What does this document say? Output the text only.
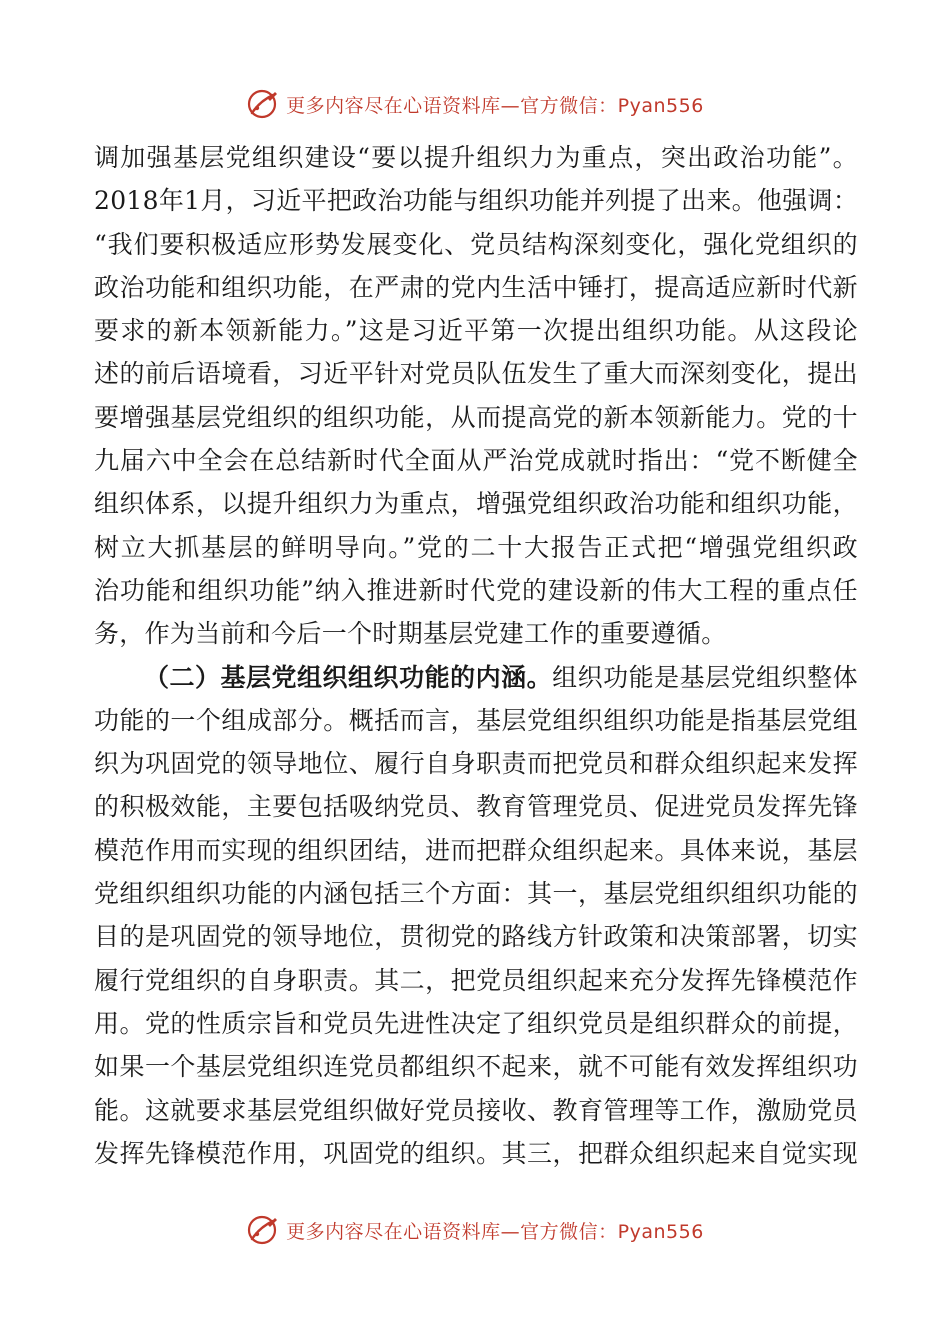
更多内容尽在心语资料库—官方微信：Pyan556
调加强基层党组织建设“要以提升组织力为重点，突出政治功能”。
2018年1月，习近平把政治功能与组织功能并列提了出来。他强调：
“我们要积极适应形势发展变化、党员结构深刻变化，强化党组织的
政治功能和组织功能，在严肃的党内生活中锤打，提高适应新时代新
要求的新本领新能力。”这是习近平第一次提出组织功能。从这段论
述的前后语境看，习近平针对党员队伍发生了重大而深刻变化，提出
要增强基层党组织的组织功能，从而提高党的新本领新能力。党的十
九届六中全会在总结新时代全面从严治党成就时指出：“党不断健全
组织体系，以提升组织力为重点，增强党组织政治功能和组织功能，
树立大抓基层的鲜明导向。”党的二十大报告正式把“增强党组织政
治功能和组织功能”纳入推进新时代党的建设新的伟大工程的重点任
务，作为当前和今后一个时期基层党建工作的重要遵循。
（二）基层党组织组织功能的内涵。组织功能是基层党组织整体
功能的一个组成部分。概括而言，基层党组织组织功能是指基层党组
织为巩固党的领导地位、履行自身职责而把党员和群众组织起来发挥
的积极效能，主要包括吸纳党员、教育管理党员、促进党员发挥先锋
模范作用而实现的组织团结，进而把群众组织起来。具体来说，基层
党组织组织功能的内涵包括三个方面：其一，基层党组织组织功能的
目的是巩固党的领导地位，贯彻党的路线方针政策和决策部署，切实
履行党组织的自身职责。其二，把党员组织起来充分发挥先锋模范作
用。党的性质宗旨和党员先进性决定了组织党员是组织群众的前提，
如果一个基层党组织连党员都组织不起来，就不可能有效发挥组织功
能。这就要求基层党组织做好党员接收、教育管理等工作，激励党员
发挥先锋模范作用，巩固党的组织。其三，把群众组织起来自觉实现
更多内容尽在心语资料库—官方微信：Pyan556
